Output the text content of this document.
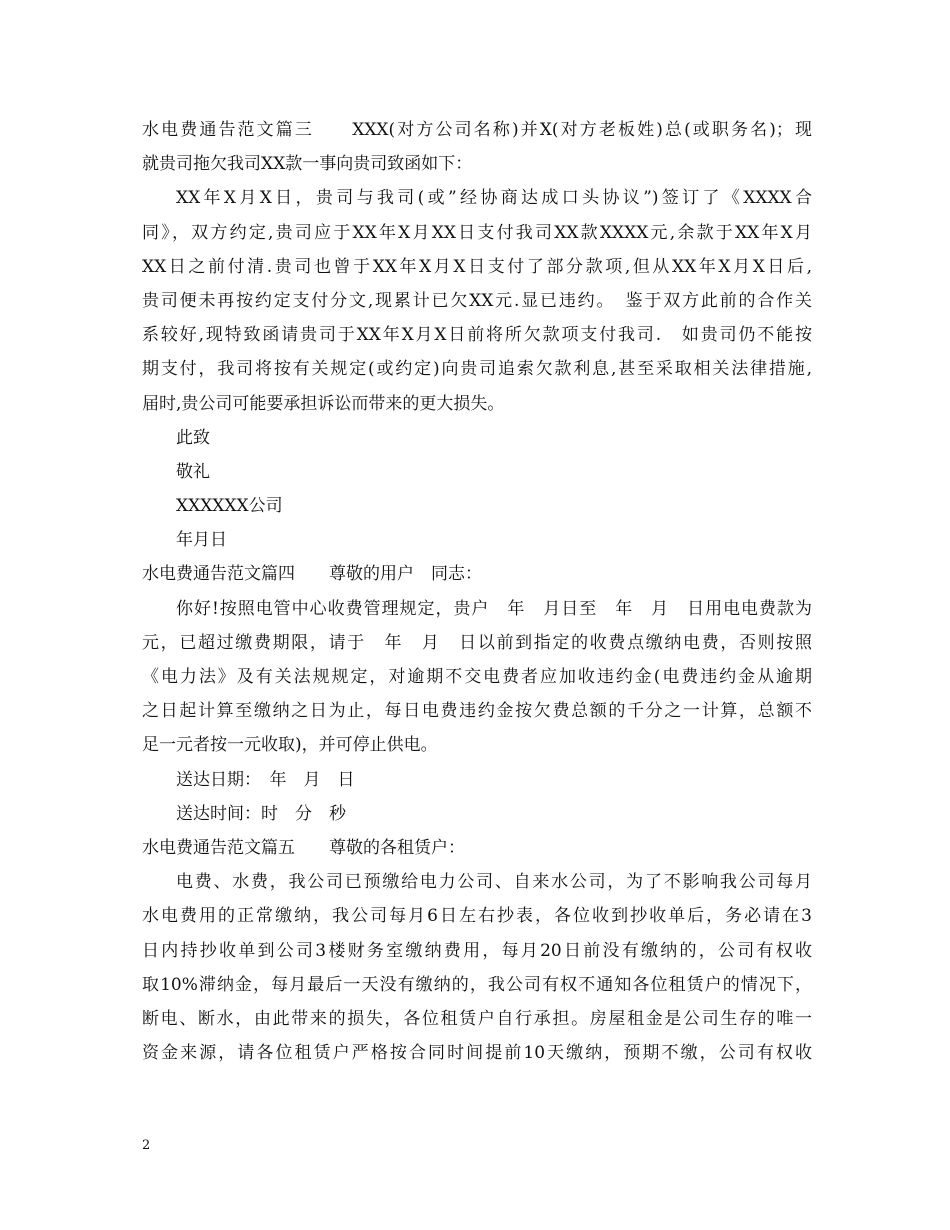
水电费通告范文篇三　　XXX(对方公司名称)并X(对方老板姓)总(或职务名)；现
就贵司拖欠我司XX款一事向贵司致函如下：
XX年X月X日，贵司与我司(或”经协商达成口头协议”)签订了《XXXX合
同》，双方约定,贵司应于XX年X月XX日支付我司XX款XXXX元,余款于XX年X月
XX日之前付清.贵司也曾于XX年X月X日支付了部分款项,但从XX年X月X日后,
贵司便未再按约定支付分文,现累计已欠XX元.显已违约。　鉴于双方此前的合作关
系较好,现特致函请贵司于XX年X月X日前将所欠款项支付我司.　如贵司仍不能按
期支付，我司将按有关规定(或约定)向贵司追索欠款利息,甚至采取相关法律措施,
届时,贵公司可能要承担诉讼而带来的更大损失。
此致
敬礼
XXXXXX公司
年月日
水电费通告范文篇四　　尊敬的用户　同志：
你好!按照电管中心收费管理规定，贵户　年　月日至　年　月　日用电电费款为
元，已超过缴费期限，请于　年　月　日以前到指定的收费点缴纳电费，否则按照
《电力法》及有关法规规定，对逾期不交电费者应加收违约金(电费违约金从逾期
之日起计算至缴纳之日为止，每日电费违约金按欠费总额的千分之一计算，总额不
足一元者按一元收取)，并可停止供电。
送达日期：　年　月　日
送达时间：时　分　秒
水电费通告范文篇五　　尊敬的各租赁户：
电费、水费，我公司已预缴给电力公司、自来水公司，为了不影响我公司每月
水电费用的正常缴纳，我公司每月6日左右抄表，各位收到抄收单后，务必请在3
日内持抄收单到公司3楼财务室缴纳费用，每月20日前没有缴纳的，公司有权收
取10%滞纳金，每月最后一天没有缴纳的，我公司有权不通知各位租赁户的情况下，
断电、断水，由此带来的损失，各位租赁户自行承担。房屋租金是公司生存的唯一
资金来源，请各位租赁户严格按合同时间提前10天缴纳，预期不缴，公司有权收
2
